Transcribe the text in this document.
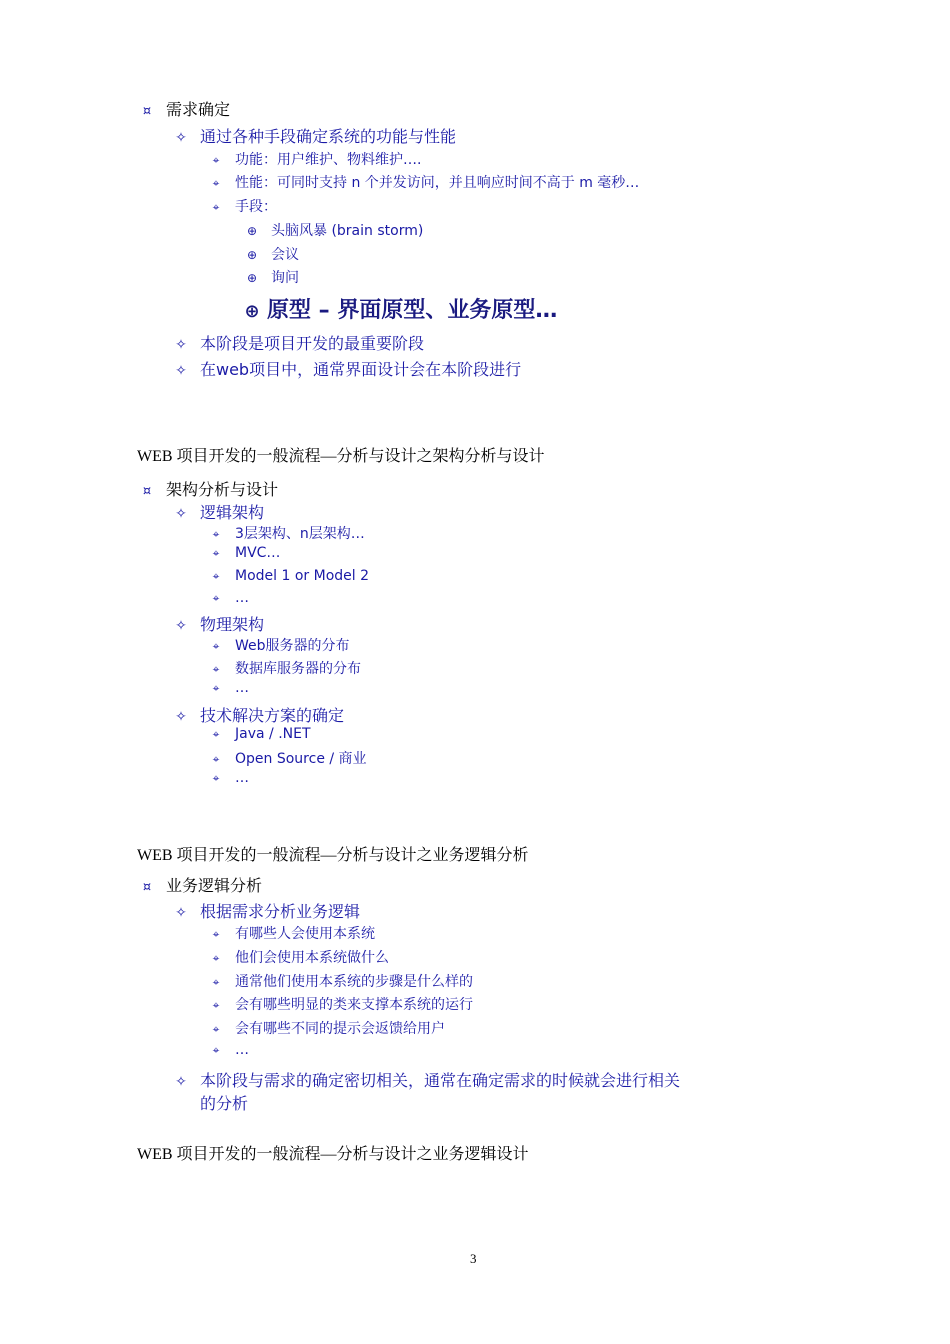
¤ 需求确定
✧ 通过各种手段确定系统的功能与性能
⌖ 功能：用户维护、物料维护….
⌖ 性能：可同时支持 n 个并发访问，并且响应时间不高于 m 毫秒…
⌖ 手段：
⊕ 头脑风暴 (brain storm)
⊕ 会议
⊕ 询问
⊕ 原型 – 界面原型、业务原型…
✧ 本阶段是项目开发的最重要阶段
✧ 在web项目中，通常界面设计会在本阶段进行
WEB 项目开发的一般流程—分析与设计之架构分析与设计
¤ 架构分析与设计
✧ 逻辑架构
⌖ 3层架构、n层架构…
⌖ MVC…
⌖ Model 1 or Model 2
⌖ …
✧ 物理架构
⌖ Web服务器的分布
⌖ 数据库服务器的分布
⌖ …
✧ 技术解决方案的确定
⌖ Java / .NET
⌖ Open Source / 商业
⌖ …
WEB 项目开发的一般流程—分析与设计之业务逻辑分析
¤ 业务逻辑分析
✧ 根据需求分析业务逻辑
⌖ 有哪些人会使用本系统
⌖ 他们会使用本系统做什么
⌖ 通常他们使用本系统的步骤是什么样的
⌖ 会有哪些明显的类来支撑本系统的运行
⌖ 会有哪些不同的提示会返馈给用户
⌖ …
✧ 本阶段与需求的确定密切相关，通常在确定需求的时候就会进行相关
的分析
WEB 项目开发的一般流程—分析与设计之业务逻辑设计
3
